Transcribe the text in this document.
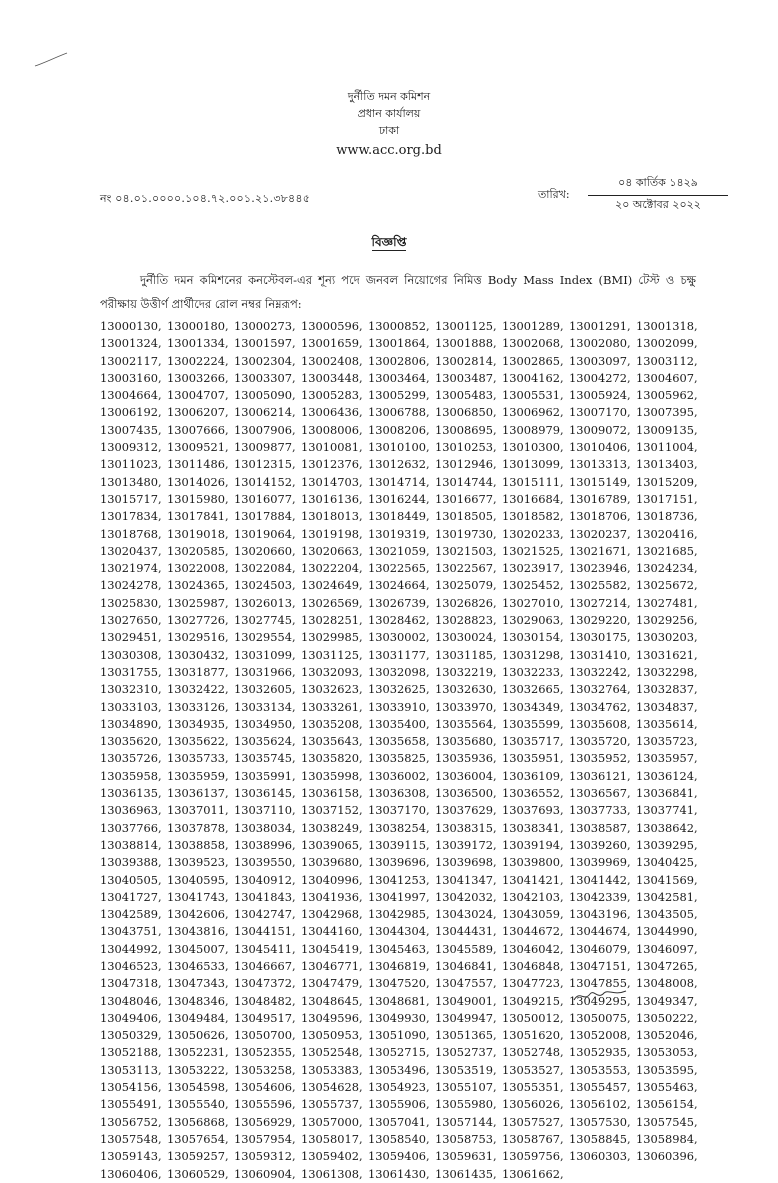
দুর্নীতি দমন কমিশন
প্রধান কার্যালয়
ঢাকা
www.acc.org.bd
নং ০৪.০১.০০০০.১০৪.৭২.০০১.২১.৩৮৪৪৫	তারিখ:
০৪ কার্তিক ১৪২৯
২০ অক্টোবর ২০২২
বিজ্ঞপ্তি
দুর্নীতি দমন কমিশনের কনস্টেবল-এর শূন্য পদে জনবল নিয়োগের নিমিত্ত Body Mass Index (BMI) টেস্ট ও চক্ষু পরীক্ষায় উত্তীর্ণ প্রার্থীদের রোল নম্বর নিম্নরূপ:
13000130, 13000180, 13000273, 13000596, 13000852, 13001125, 13001289, 13001291, 13001318,
13001324, 13001334, 13001597, 13001659, 13001864, 13001888, 13002068, 13002080, 13002099,
13002117, 13002224, 13002304, 13002408, 13002806, 13002814, 13002865, 13003097, 13003112,
13003160, 13003266, 13003307, 13003448, 13003464, 13003487, 13004162, 13004272, 13004607,
13004664, 13004707, 13005090, 13005283, 13005299, 13005483, 13005531, 13005924, 13005962,
13006192, 13006207, 13006214, 13006436, 13006788, 13006850, 13006962, 13007170, 13007395,
13007435, 13007666, 13007906, 13008006, 13008206, 13008695, 13008979, 13009072, 13009135,
13009312, 13009521, 13009877, 13010081, 13010100, 13010253, 13010300, 13010406, 13011004,
13011023, 13011486, 13012315, 13012376, 13012632, 13012946, 13013099, 13013313, 13013403,
13013480, 13014026, 13014152, 13014703, 13014714, 13014744, 13015111, 13015149, 13015209,
13015717, 13015980, 13016077, 13016136, 13016244, 13016677, 13016684, 13016789, 13017151,
13017834, 13017841, 13017884, 13018013, 13018449, 13018505, 13018582, 13018706, 13018736,
13018768, 13019018, 13019064, 13019198, 13019319, 13019730, 13020233, 13020237, 13020416,
13020437, 13020585, 13020660, 13020663, 13021059, 13021503, 13021525, 13021671, 13021685,
13021974, 13022008, 13022084, 13022204, 13022565, 13022567, 13023917, 13023946, 13024234,
13024278, 13024365, 13024503, 13024649, 13024664, 13025079, 13025452, 13025582, 13025672,
13025830, 13025987, 13026013, 13026569, 13026739, 13026826, 13027010, 13027214, 13027481,
13027650, 13027726, 13027745, 13028251, 13028462, 13028823, 13029063, 13029220, 13029256,
13029451, 13029516, 13029554, 13029985, 13030002, 13030024, 13030154, 13030175, 13030203,
13030308, 13030432, 13031099, 13031125, 13031177, 13031185, 13031298, 13031410, 13031621,
13031755, 13031877, 13031966, 13032093, 13032098, 13032219, 13032233, 13032242, 13032298,
13032310, 13032422, 13032605, 13032623, 13032625, 13032630, 13032665, 13032764, 13032837,
13033103, 13033126, 13033134, 13033261, 13033910, 13033970, 13034349, 13034762, 13034837,
13034890, 13034935, 13034950, 13035208, 13035400, 13035564, 13035599, 13035608, 13035614,
13035620, 13035622, 13035624, 13035643, 13035658, 13035680, 13035717, 13035720, 13035723,
13035726, 13035733, 13035745, 13035820, 13035825, 13035936, 13035951, 13035952, 13035957,
13035958, 13035959, 13035991, 13035998, 13036002, 13036004, 13036109, 13036121, 13036124,
13036135, 13036137, 13036145, 13036158, 13036308, 13036500, 13036552, 13036567, 13036841,
13036963, 13037011, 13037110, 13037152, 13037170, 13037629, 13037693, 13037733, 13037741,
13037766, 13037878, 13038034, 13038249, 13038254, 13038315, 13038341, 13038587, 13038642,
13038814, 13038858, 13038996, 13039065, 13039115, 13039172, 13039194, 13039260, 13039295,
13039388, 13039523, 13039550, 13039680, 13039696, 13039698, 13039800, 13039969, 13040425,
13040505, 13040595, 13040912, 13040996, 13041253, 13041347, 13041421, 13041442, 13041569,
13041727, 13041743, 13041843, 13041936, 13041997, 13042032, 13042103, 13042339, 13042581,
13042589, 13042606, 13042747, 13042968, 13042985, 13043024, 13043059, 13043196, 13043505,
13043751, 13043816, 13044151, 13044160, 13044304, 13044431, 13044672, 13044674, 13044990,
13044992, 13045007, 13045411, 13045419, 13045463, 13045589, 13046042, 13046079, 13046097,
13046523, 13046533, 13046667, 13046771, 13046819, 13046841, 13046848, 13047151, 13047265,
13047318, 13047343, 13047372, 13047479, 13047520, 13047557, 13047723, 13047855, 13048008,
13048046, 13048346, 13048482, 13048645, 13048681, 13049001, 13049215, 13049295, 13049347,
13049406, 13049484, 13049517, 13049596, 13049930, 13049947, 13050012, 13050075, 13050222,
13050329, 13050626, 13050700, 13050953, 13051090, 13051365, 13051620, 13052008, 13052046,
13052188, 13052231, 13052355, 13052548, 13052715, 13052737, 13052748, 13052935, 13053053,
13053113, 13053222, 13053258, 13053383, 13053496, 13053519, 13053527, 13053553, 13053595,
13054156, 13054598, 13054606, 13054628, 13054923, 13055107, 13055351, 13055457, 13055463,
13055491, 13055540, 13055596, 13055737, 13055906, 13055980, 13056026, 13056102, 13056154,
13056752, 13056868, 13056929, 13057000, 13057041, 13057144, 13057527, 13057530, 13057545,
13057548, 13057654, 13057954, 13058017, 13058540, 13058753, 13058767, 13058845, 13058984,
13059143, 13059257, 13059312, 13059402, 13059406, 13059631, 13059756, 13060303, 13060396,
13060406, 13060529, 13060904, 13061308, 13061430, 13061435, 13061662,
